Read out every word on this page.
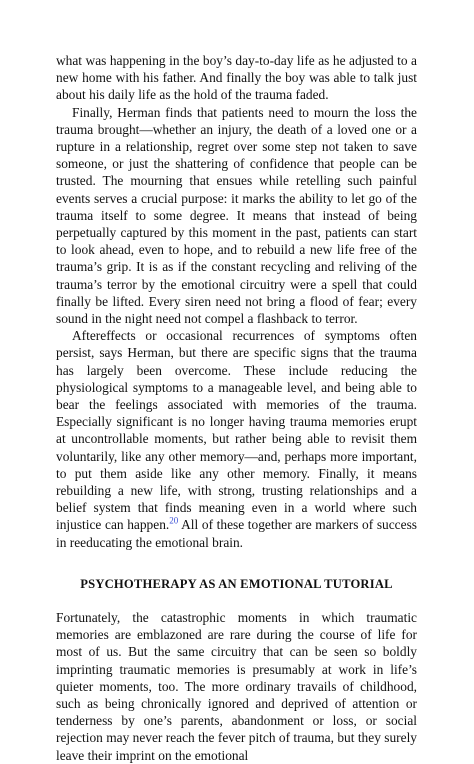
what was happening in the boy’s day-to-day life as he adjusted to a new home with his father. And finally the boy was able to talk just about his daily life as the hold of the trauma faded.

Finally, Herman finds that patients need to mourn the loss the trauma brought—whether an injury, the death of a loved one or a rupture in a relationship, regret over some step not taken to save someone, or just the shattering of confidence that people can be trusted. The mourning that ensues while retelling such painful events serves a crucial purpose: it marks the ability to let go of the trauma itself to some degree. It means that instead of being perpetually captured by this moment in the past, patients can start to look ahead, even to hope, and to rebuild a new life free of the trauma’s grip. It is as if the constant recycling and reliving of the trauma’s terror by the emotional circuitry were a spell that could finally be lifted. Every siren need not bring a flood of fear; every sound in the night need not compel a flashback to terror.

Aftereffects or occasional recurrences of symptoms often persist, says Herman, but there are specific signs that the trauma has largely been overcome. These include reducing the physiological symptoms to a manageable level, and being able to bear the feelings associated with memories of the trauma. Especially significant is no longer having trauma memories erupt at uncontrollable moments, but rather being able to revisit them voluntarily, like any other memory—and, perhaps more important, to put them aside like any other memory. Finally, it means rebuilding a new life, with strong, trusting relationships and a belief system that finds meaning even in a world where such injustice can happen.$^{20}$ All of these together are markers of success in reeducating the emotional brain.

PSYCHOTHERAPY AS AN EMOTIONAL TUTORIAL

Fortunately, the catastrophic moments in which traumatic memories are emblazoned are rare during the course of life for most of us. But the same circuitry that can be seen so boldly imprinting traumatic memories is presumably at work in life’s quieter moments, too. The more ordinary travails of childhood, such as being chronically ignored and deprived of attention or tenderness by one’s parents, abandonment or loss, or social rejection may never reach the fever pitch of trauma, but they surely leave their imprint on the emotional
